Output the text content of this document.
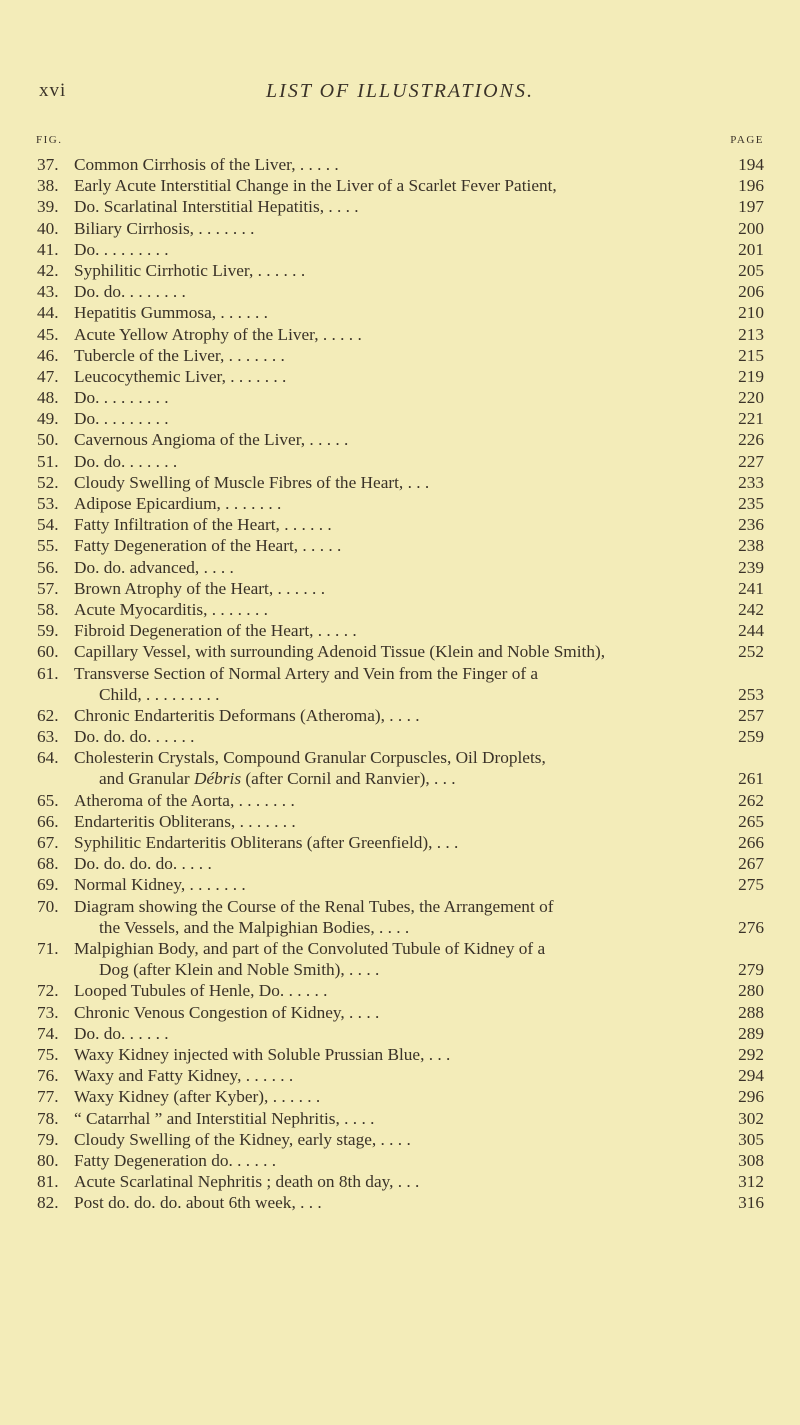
xvi	LIST OF ILLUSTRATIONS.
FIG.	PAGE
37. Common Cirrhosis of the Liver, . . . . .	194
38. Early Acute Interstitial Change in the Liver of a Scarlet Fever Patient,	196
39. Do. Scarlatinal Interstitial Hepatitis, . . . .	197
40. Biliary Cirrhosis, . . . . . . .	200
41. Do. . . . . . . . .	201
42. Syphilitic Cirrhotic Liver, . . . . . .	205
43. Do. do. . . . . . . .	206
44. Hepatitis Gummosa, . . . . . .	210
45. Acute Yellow Atrophy of the Liver, . . . . .	213
46. Tubercle of the Liver, . . . . . . .	215
47. Leucocythemic Liver, . . . . . . .	219
48. Do. . . . . . . . .	220
49. Do. . . . . . . . .	221
50. Cavernous Angioma of the Liver, . . . . .	226
51. Do. do. . . . . . .	227
52. Cloudy Swelling of Muscle Fibres of the Heart, . . .	233
53. Adipose Epicardium, . . . . . . .	235
54. Fatty Infiltration of the Heart, . . . . . .	236
55. Fatty Degeneration of the Heart, . . . . .	238
56. Do. do. advanced, . . . .	239
57. Brown Atrophy of the Heart, . . . . . .	241
58. Acute Myocarditis, . . . . . . .	242
59. Fibroid Degeneration of the Heart, . . . . .	244
60. Capillary Vessel, with surrounding Adenoid Tissue (Klein and Noble Smith),	252
61. Transverse Section of Normal Artery and Vein from the Finger of a
Child, . . . . . . . . .	253
62. Chronic Endarteritis Deformans (Atheroma), . . . .	257
63. Do. do. do. . . . . .	259
64. Cholesterin Crystals, Compound Granular Corpuscles, Oil Droplets,
and Granular Débris (after Cornil and Ranvier), . . .	261
65. Atheroma of the Aorta, . . . . . . .	262
66. Endarteritis Obliterans, . . . . . . .	265
67. Syphilitic Endarteritis Obliterans (after Greenfield), . . .	266
68. Do. do. do. do. . . . .	267
69. Normal Kidney, . . . . . . .	275
70. Diagram showing the Course of the Renal Tubes, the Arrangement of
the Vessels, and the Malpighian Bodies, . . . .	276
71. Malpighian Body, and part of the Convoluted Tubule of Kidney of a
Dog (after Klein and Noble Smith), . . . .	279
72. Looped Tubules of Henle, Do. . . . . .	280
73. Chronic Venous Congestion of Kidney, . . . .	288
74. Do. do. . . . . .	289
75. Waxy Kidney injected with Soluble Prussian Blue, . . .	292
76. Waxy and Fatty Kidney, . . . . . .	294
77. Waxy Kidney (after Kyber), . . . . . .	296
78. “ Catarrhal ” and Interstitial Nephritis, . . . .	302
79. Cloudy Swelling of the Kidney, early stage, . . . .	305
80. Fatty Degeneration do. . . . . .	308
81. Acute Scarlatinal Nephritis ; death on 8th day, . . .	312
82. Post do. do. do. about 6th week, . . .	316
